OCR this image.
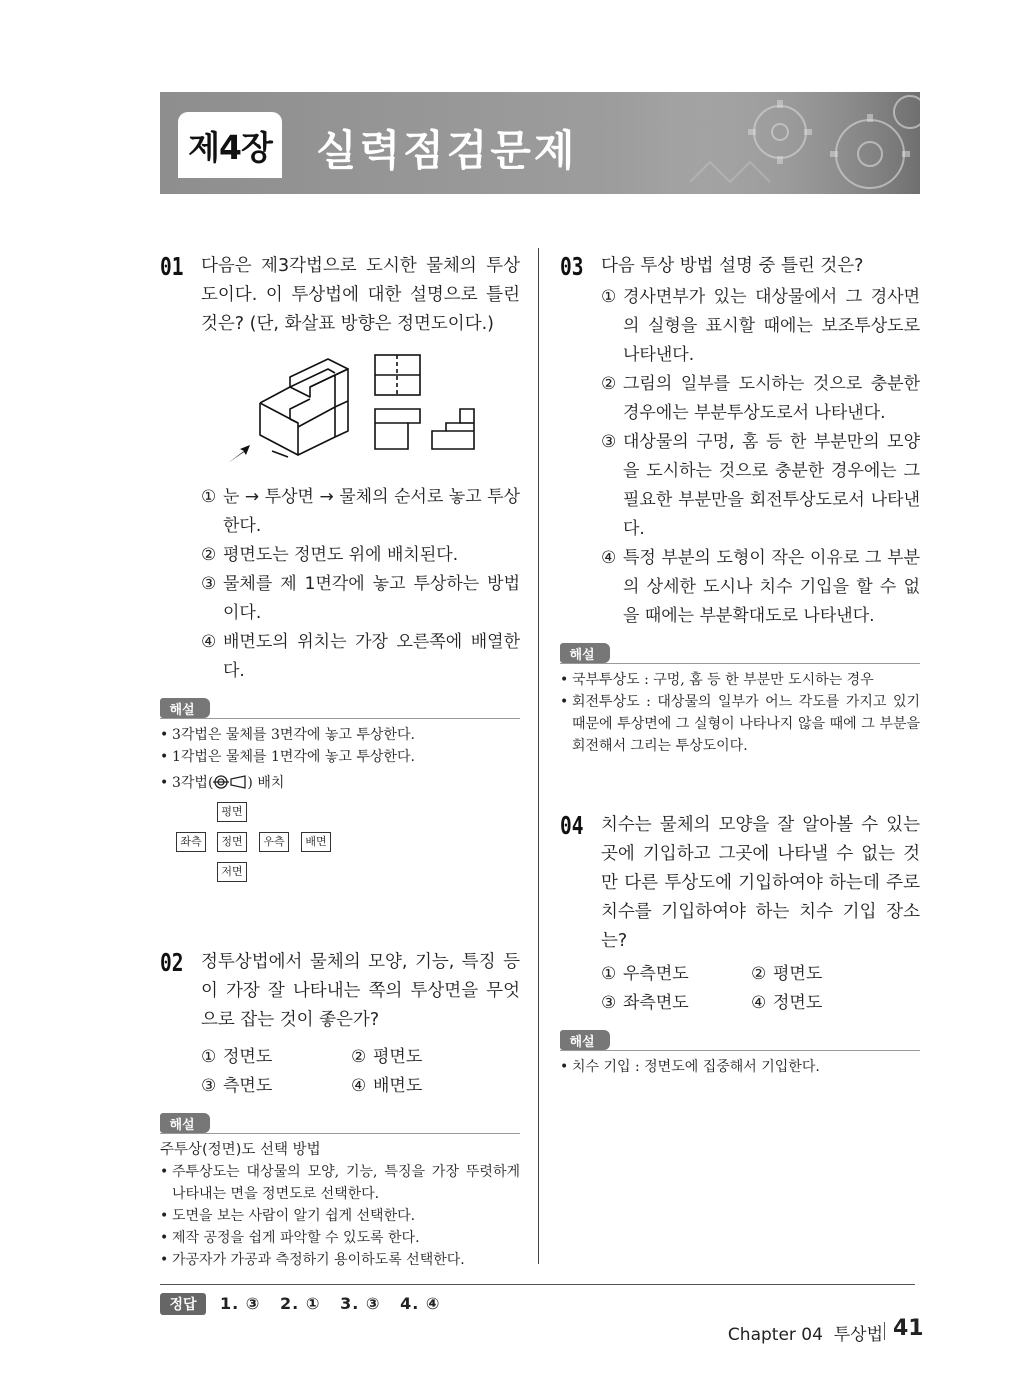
제4장 실력점검문제
01 다음은 제3각법으로 도시한 물체의 투상도이다. 이 투상법에 대한 설명으로 틀린 것은? (단, 화살표 방향은 정면도이다.)
① 눈 → 투상면 → 물체의 순서로 놓고 투상한다.
② 평면도는 정면도 위에 배치된다.
③ 물체를 제 1면각에 놓고 투상하는 방법이다.
④ 배면도의 위치는 가장 오른쪽에 배열한다.
해설
• 3각법은 물체를 3면각에 놓고 투상한다.
• 1각법은 물체를 1면각에 놓고 투상한다.
• 3각법( ) 배치
평면
좌측	정면	우측	배면
저면
02 정투상법에서 물체의 모양, 기능, 특징 등이 가장 잘 나타내는 쪽의 투상면을 무엇으로 잡는 것이 좋은가?
① 정면도	② 평면도
③ 측면도	④ 배면도
해설
주투상(정면)도 선택 방법
• 주투상도는 대상물의 모양, 기능, 특징을 가장 뚜렷하게 나타내는 면을 정면도로 선택한다.
• 도면을 보는 사람이 알기 쉽게 선택한다.
• 제작 공정을 쉽게 파악할 수 있도록 한다.
• 가공자가 가공과 측정하기 용이하도록 선택한다.
03 다음 투상 방법 설명 중 틀린 것은?
① 경사면부가 있는 대상물에서 그 경사면의 실형을 표시할 때에는 보조투상도로 나타낸다.
② 그림의 일부를 도시하는 것으로 충분한 경우에는 부분투상도로서 나타낸다.
③ 대상물의 구멍, 홈 등 한 부분만의 모양을 도시하는 것으로 충분한 경우에는 그 필요한 부분만을 회전투상도로서 나타낸다.
④ 특정 부분의 도형이 작은 이유로 그 부분의 상세한 도시나 치수 기입을 할 수 없을 때에는 부분확대도로 나타낸다.
해설
• 국부투상도 : 구멍, 홈 등 한 부분만 도시하는 경우
• 회전투상도 : 대상물의 일부가 어느 각도를 가지고 있기 때문에 투상면에 그 실형이 나타나지 않을 때에 그 부분을 회전해서 그리는 투상도이다.
04 치수는 물체의 모양을 잘 알아볼 수 있는 곳에 기입하고 그곳에 나타낼 수 없는 것만 다른 투상도에 기입하여야 하는데 주로 치수를 기입하여야 하는 치수 기입 장소는?
① 우측면도	② 평면도
③ 좌측면도	④ 정면도
해설
• 치수 기입 : 정면도에 집중해서 기입한다.
정답	1. ③   2. ①   3. ③   4. ④
Chapter 04  투상법 41
